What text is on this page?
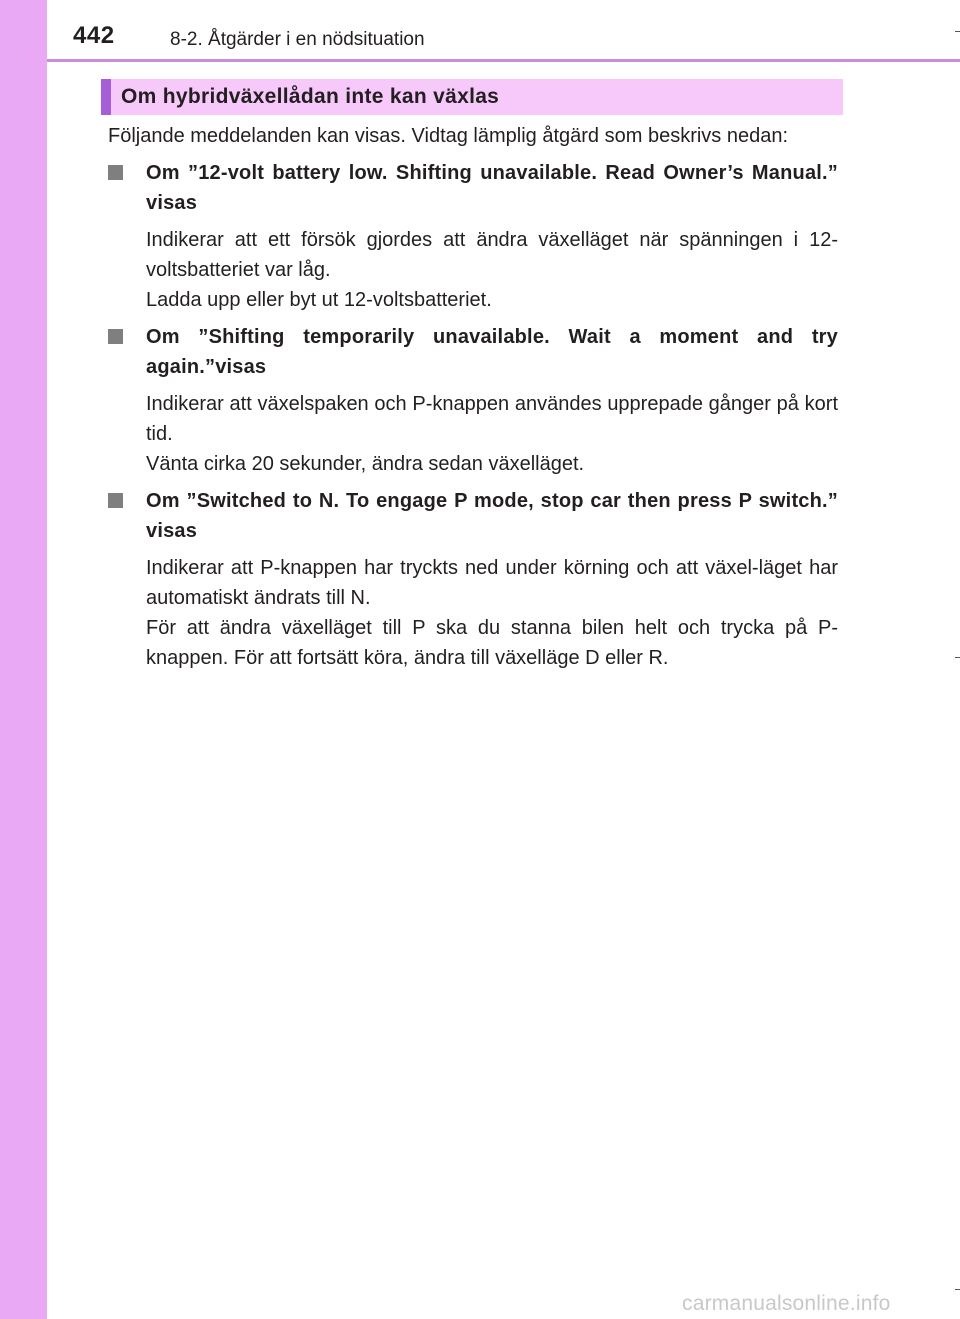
442	8-2. Åtgärder i en nödsituation
Om hybridväxellådan inte kan växlas

Följande meddelanden kan visas. Vidtag lämplig åtgärd som beskrivs nedan:

Om ”12-volt battery low. Shifting unavailable. Read Owner’s Manual.” visas

Indikerar att ett försök gjordes att ändra växelläget när spänningen i 12-voltsbatteriet var låg.

Ladda upp eller byt ut 12-voltsbatteriet.

Om ”Shifting temporarily unavailable. Wait a moment and try again.”visas

Indikerar att växelspaken och P-knappen användes upprepade gånger på kort tid.

Vänta cirka 20 sekunder, ändra sedan växelläget.

Om ”Switched to N. To engage P mode, stop car then press P switch.” visas

Indikerar att P-knappen har tryckts ned under körning och att växel-läget har automatiskt ändrats till N.

För att ändra växelläget till P ska du stanna bilen helt och trycka på P-knappen. För att fortsätt köra, ändra till växelläge D eller R.

carmanualsonline.info
